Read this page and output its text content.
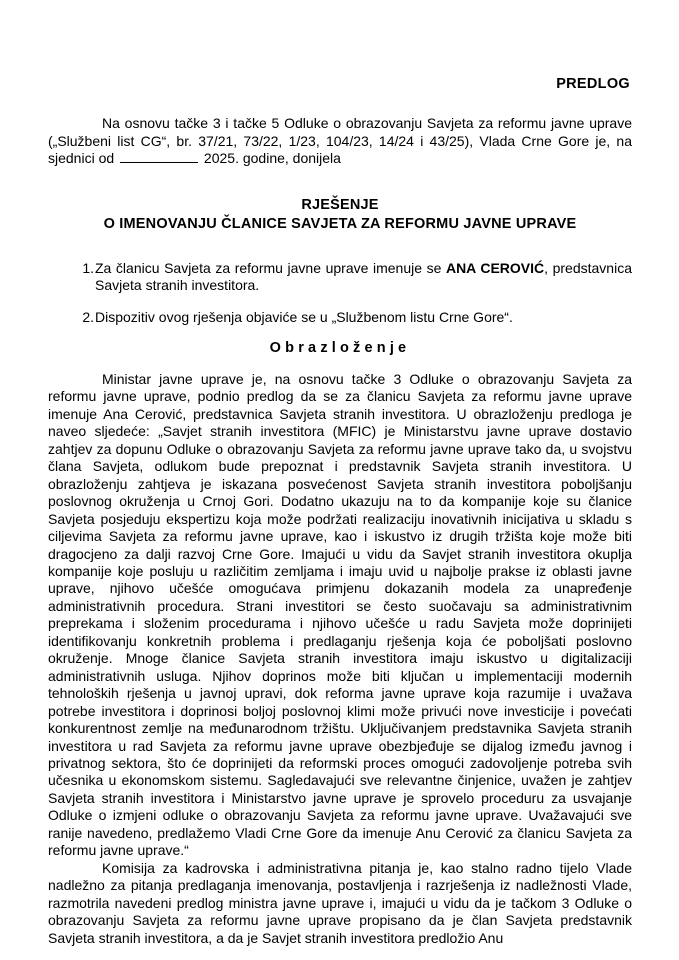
PREDLOG
Na osnovu tačke 3 i tačke 5 Odluke o obrazovanju Savjeta za reformu javne uprave („Službeni list CG“, br. 37/21, 73/22, 1/23, 104/23, 14/24 i 43/25), Vlada Crne Gore je, na sjednici od	2025. godine, donijela
RJEŠENJE
O IMENOVANJU ČLANICE SAVJETA ZA REFORMU JAVNE UPRAVE
1. Za članicu Savjeta za reformu javne uprave imenuje se ANA CEROVIĆ, predstavnica Savjeta stranih investitora.
2. Dispozitiv ovog rješenja objaviće se u „Službenom listu Crne Gore“.
Obrazloženje

Ministar javne uprave je, na osnovu tačke 3 Odluke o obrazovanju Savjeta za reformu javne uprave, podnio predlog da se za članicu Savjeta za reformu javne uprave imenuje Ana Cerović, predstavnica Savjeta stranih investitora. U obrazloženju predloga je naveo sljedeće: „Savjet stranih investitora (MFIC) je Ministarstvu javne uprave dostavio zahtjev za dopunu Odluke o obrazovanju Savjeta za reformu javne uprave tako da, u svojstvu člana Savjeta, odlukom bude prepoznat i predstavnik Savjeta stranih investitora. U obrazloženju zahtjeva je iskazana posvećenost Savjeta stranih investitora poboljšanju poslovnog okruženja u Crnoj Gori. Dodatno ukazuju na to da kompanije koje su članice Savjeta posjeduju ekspertizu koja može podržati realizaciju inovativnih inicijativa u skladu s ciljevima Savjeta za reformu javne uprave, kao i iskustvo iz drugih tržišta koje može biti dragocjeno za dalji razvoj Crne Gore. Imajući u vidu da Savjet stranih investitora okuplja kompanije koje posluju u različitim zemljama i imaju uvid u najbolje prakse iz oblasti javne uprave, njihovo učešće omogućava primjenu dokazanih modela za unapređenje administrativnih procedura. Strani investitori se često suočavaju sa administrativnim preprekama i složenim procedurama i njihovo učešće u radu Savjeta može doprinijeti identifikovanju konkretnih problema i predlaganju rješenja koja će poboljšati poslovno okruženje. Mnoge članice Savjeta stranih investitora imaju iskustvo u digitalizaciji administrativnih usluga. Njihov doprinos može biti ključan u implementaciji modernih tehnoloških rješenja u javnoj upravi, dok reforma javne uprave koja razumije i uvažava potrebe investitora i doprinosi boljoj poslovnoj klimi može privući nove investicije i povećati konkurentnost zemlje na međunarodnom tržištu. Uključivanjem predstavnika Savjeta stranih investitora u rad Savjeta za reformu javne uprave obezbjeđuje se dijalog između javnog i privatnog sektora, što će doprinijeti da reformski proces omogući zadovoljenje potreba svih učesnika u ekonomskom sistemu. Sagledavajući sve relevantne činjenice, uvažen je zahtjev Savjeta stranih investitora i Ministarstvo javne uprave je sprovelo proceduru za usvajanje Odluke o izmjeni odluke o obrazovanju Savjeta za reformu javne uprave. Uvažavajući sve ranije navedeno, predlažemo Vladi Crne Gore da imenuje Anu Cerović za članicu Savjeta za reformu javne uprave.“

Komisija za kadrovska i administrativna pitanja je, kao stalno radno tijelo Vlade nadležno za pitanja predlaganja imenovanja, postavljenja i razrješenja iz nadležnosti Vlade, razmotrila navedeni predlog ministra javne uprave i, imajući u vidu da je tačkom 3 Odluke o obrazovanju Savjeta za reformu javne uprave propisano da je član Savjeta predstavnik Savjeta stranih investitora, a da je Savjet stranih investitora predložio Anu
